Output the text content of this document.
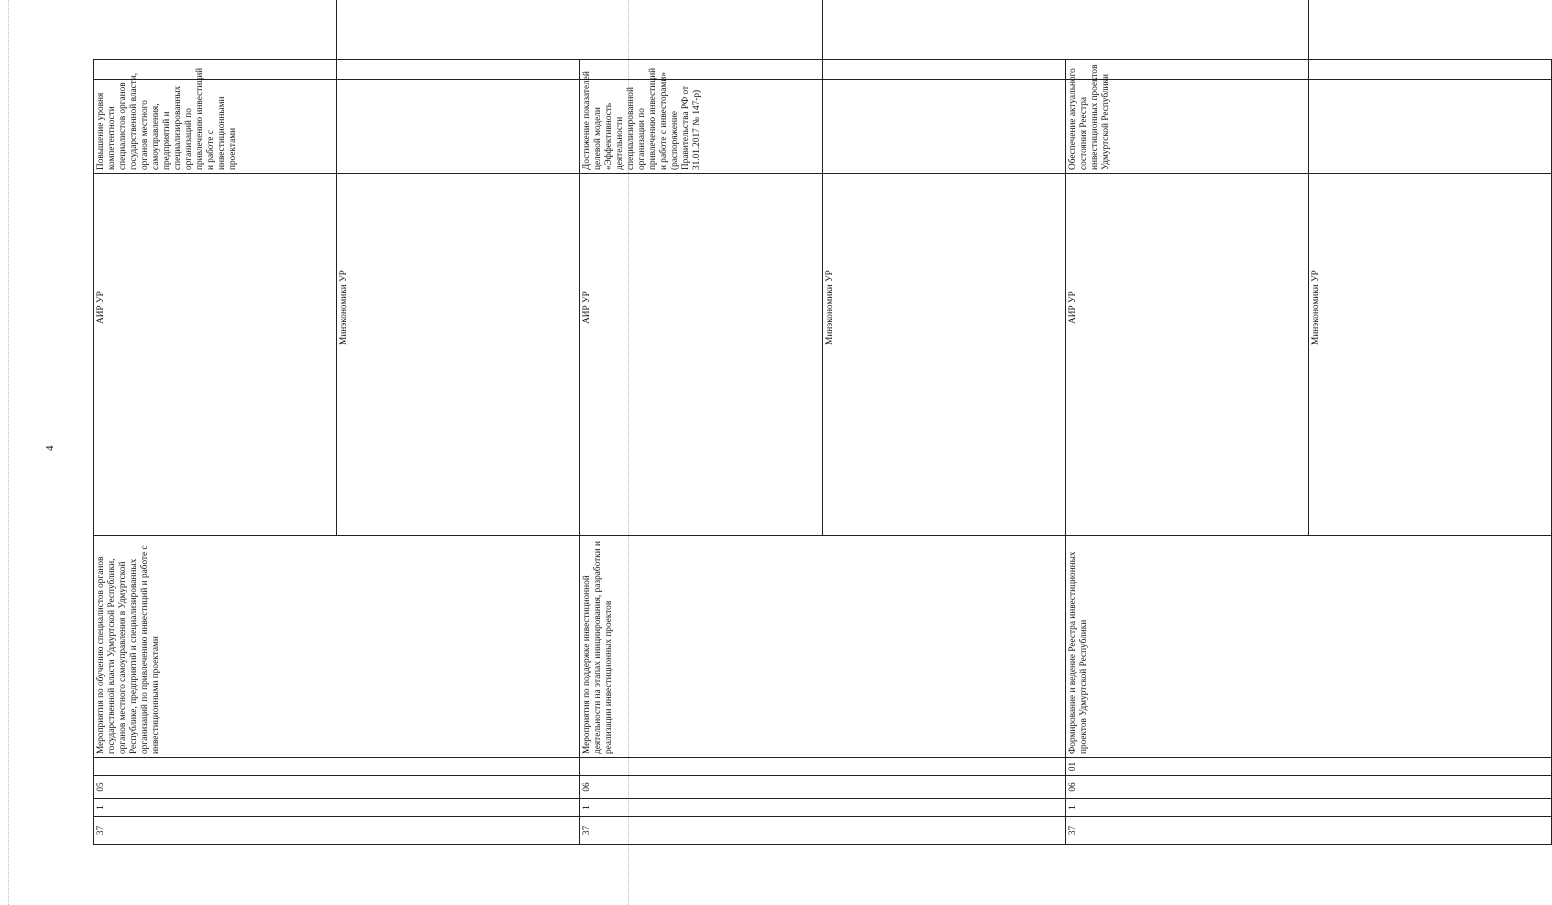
4
37	1	05		Мероприятия по обучению специалистов органов государственной власти Удмуртской Республики, органов местного самоуправления в Удмуртской Республике, предприятий и специализированных организаций по привлечению инвестиций и работе с инвестиционными проектами	
АИР УР	Минэкономики УР	
	Повышение уровня компетентности специалистов органов государственной власти, органов местного самоуправления, предприятий и специализированных организаций по привлечению инвестиций и работе с инвестиционными проектами
37	1	06		Мероприятия по поддержке инвестиционной деятельности на этапах инициирования, разработки и реализации инвестиционных проектов	
АИР УР	Минэкономики УР	
	Достижение показателей целевой модели «Эффективность деятельности специализированной организации по привлечению инвестиций и работе с инвесторами» (распоряжение Правительства РФ от 31.01.2017 № 147-р)
37	1	06	01	Формирование и ведение Реестра инвестиционных проектов Удмуртской Республики	
АИР УР	Минэкономики УР	
	Обеспечение актуального состояния Реестра инвестиционных проектов Удмуртской Республики
